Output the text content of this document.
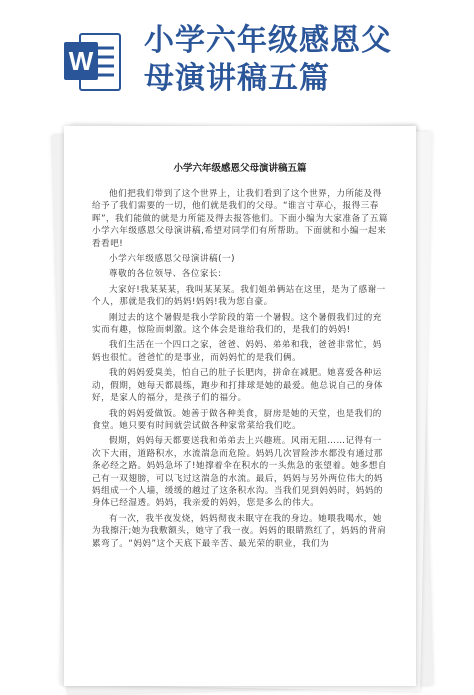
W
小学六年级感恩父
母演讲稿五篇
小学六年级感恩父母演讲稿五篇

他们把我们带到了这个世界上，让我们看到了这个世界，力所能及得给予了我们需要的一切，他们就是我们的父母。“谁言寸草心，报得三春晖”，我们能做的就是力所能及得去报答他们。下面小编为大家准备了五篇小学六年级感恩父母演讲稿,希望对同学们有所帮助。下面就和小编一起来看看吧!

小学六年级感恩父母演讲稿(一)

尊敬的各位领导、各位家长:

大家好!我某某某，我叫某某某。我们姐弟俩站在这里，是为了感谢一个人，那就是我们的妈妈!妈妈!我为您自豪。

刚过去的这个暑假是我小学阶段的第一个暑假。这个暑假我们过的充实而有趣，惊险而刺激。这个体会是谁给我们的，是我们的妈妈!

我们生活在一个四口之家，爸爸、妈妈、弟弟和我，爸爸非常忙，妈妈也很忙。爸爸忙的是事业，而妈妈忙的是我们俩。

我的妈妈爱臭美，怕自己的肚子长肥肉，拼命在减肥。她喜爱各种运动，假期，她每天都晨练，跑步和打排球是她的最爱。他总说自己的身体好，是家人的福分，是孩子们的福分。

我的妈妈爱做饭。她善于做各种美食，厨房是她的天堂，也是我们的食堂。她只要有时间就尝试做各种家常菜给我们吃。

假期，妈妈每天都要送我和弟弟去上兴趣班。风雨无阻……记得有一次下大雨，道路积水，水流湍急而危险。妈妈几次冒险涉水都没有通过那条必经之路。妈妈急坏了!她撑着伞在积水的一头焦急的张望着。她多想自己有一双翅膀，可以飞过这湍急的水流。最后，妈妈与另外两位伟大的妈妈组成一个人墙，缓缓的越过了这条积水沟。当我们见到妈妈时，妈妈的身体已经湿透。妈妈，我亲爱的妈妈，您是多么的伟大。

有一次，我半夜发烧，妈妈彻夜未眠守在我的身边。她喂我喝水，她为我擦汗;她为我敷额头，她守了我一夜。妈妈的眼睛熬红了，妈妈的背肩累弯了。“妈妈”这个天底下最辛苦、最光荣的职业，我们为
